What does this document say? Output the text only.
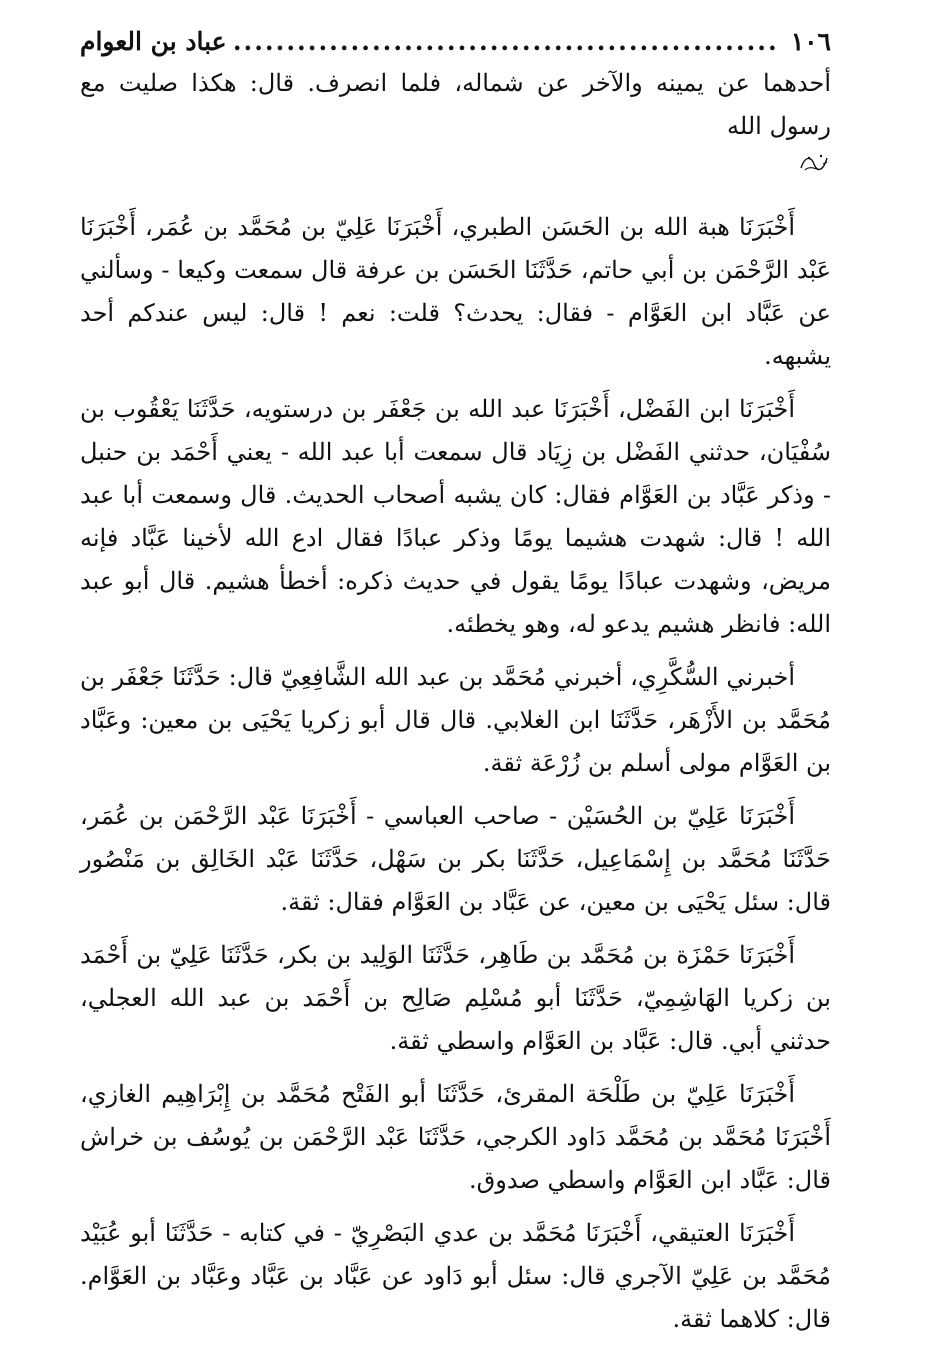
١٠٦
.....
عباد بن العوام

أحدهما عن يمينه والآخر عن شماله، فلما انصرف. قال: هكذا صليت مع رسول الله

أَخْبَرَنَا هبة الله بن الحَسَن الطبري، أَخْبَرَنَا عَلِيّ بن مُحَمَّد بن عُمَر، أَخْبَرَنَا عَبْد الرَّحْمَن بن أبي حاتم، حَدَّثَنَا الحَسَن بن عرفة قال سمعت وكيعا - وسألني عن عَبَّاد ابن العَوَّام - فقال: يحدث؟ قلت: نعم ! قال: ليس عندكم أحد يشبهه.

أَخْبَرَنَا ابن الفَضْل، أَخْبَرَنَا عبد الله بن جَعْفَر بن درستويه، حَدَّثَنَا يَعْقُوب بن سُفْيَان، حدثني الفَضْل بن زِيَاد قال سمعت أبا عبد الله - يعني أَحْمَد بن حنبل - وذكر عَبَّاد بن العَوَّام فقال: كان يشبه أصحاب الحديث. قال وسمعت أبا عبد الله ! قال: شهدت هشيما يومًا وذكر عبادًا فقال ادع الله لأخينا عَبَّاد فإنه مريض، وشهدت عبادًا يومًا يقول في حديث ذكره: أخطأ هشيم. قال أبو عبد الله: فانظر هشيم يدعو له، وهو يخطئه.

أخبرني السُّكَّرِي، أخبرني مُحَمَّد بن عبد الله الشَّافِعِيّ قال: حَدَّثَنَا جَعْفَر بن مُحَمَّد بن الأَزْهَر، حَدَّثَنَا ابن الغلابي. قال قال أبو زكريا يَحْيَى بن معين: وعَبَّاد بن العَوَّام مولى أسلم بن زُرْعَة ثقة.

أَخْبَرَنَا عَلِيّ بن الحُسَيْن - صاحب العباسي - أَخْبَرَنَا عَبْد الرَّحْمَن بن عُمَر، حَدَّثَنَا مُحَمَّد بن إِسْمَاعِيل، حَدَّثَنَا بكر بن سَهْل، حَدَّثَنَا عَبْد الخَالِق بن مَنْصُور قال: سئل يَحْيَى بن معين، عن عَبَّاد بن العَوَّام فقال: ثقة.

أَخْبَرَنَا حَمْزَة بن مُحَمَّد بن طَاهِر، حَدَّثَنَا الوَلِيد بن بكر، حَدَّثَنَا عَلِيّ بن أَحْمَد بن زكريا الهَاشِمِيّ، حَدَّثَنَا أبو مُسْلِم صَالِح بن أَحْمَد بن عبد الله العجلي، حدثني أبي. قال: عَبَّاد بن العَوَّام واسطي ثقة.

أَخْبَرَنَا عَلِيّ بن طَلْحَة المقرئ، حَدَّثَنَا أبو الفَتْح مُحَمَّد بن إِبْرَاهِيم الغازي، أَخْبَرَنَا مُحَمَّد بن مُحَمَّد دَاود الكرجي، حَدَّثَنَا عَبْد الرَّحْمَن بن يُوسُف بن خراش قال: عَبَّاد ابن العَوَّام واسطي صدوق.

أَخْبَرَنَا العتيقي، أَخْبَرَنَا مُحَمَّد بن عدي البَصْرِيّ - في كتابه - حَدَّثَنَا أبو عُبَيْد مُحَمَّد بن عَلِيّ الآجري قال: سئل أبو دَاود عن عَبَّاد بن عَبَّاد وعَبَّاد بن العَوَّام. قال: كلاهما ثقة.
